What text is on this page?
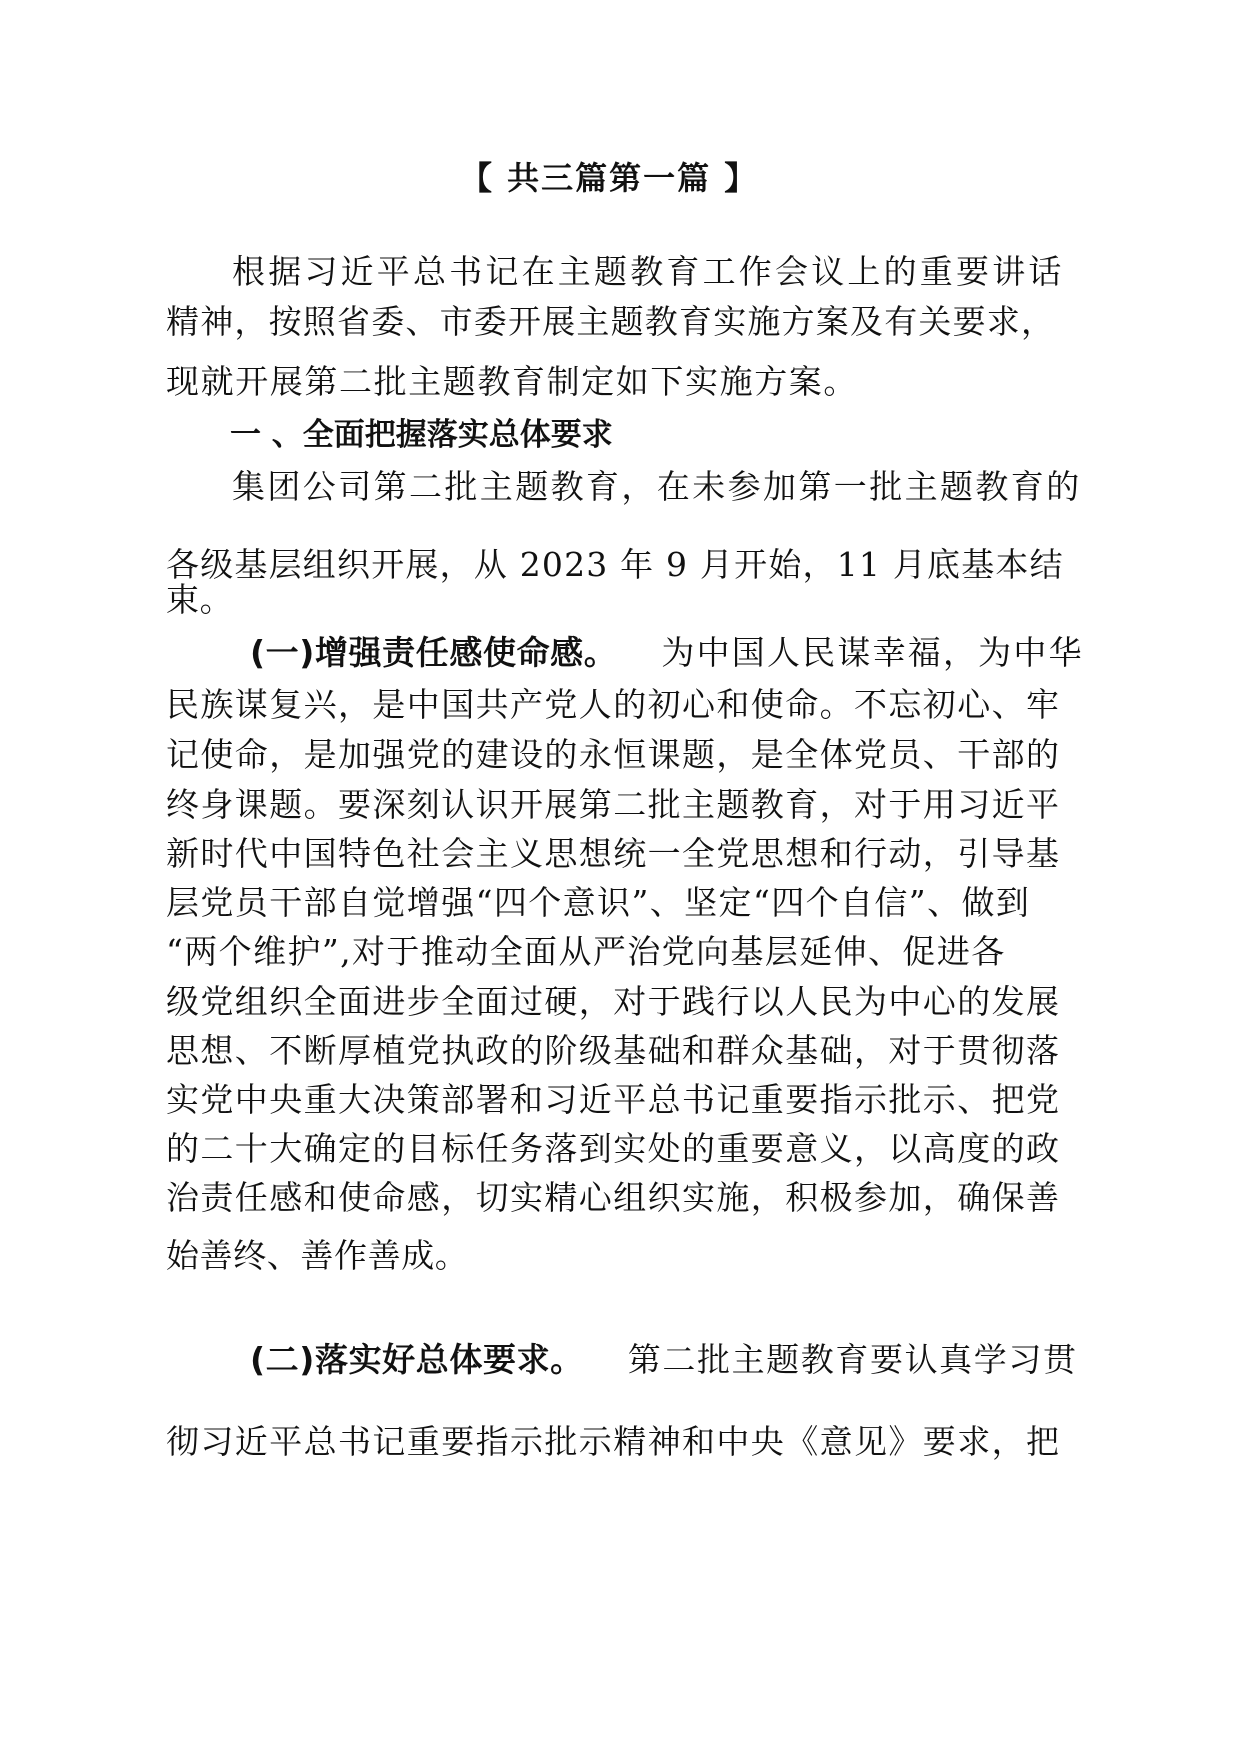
【 共三篇第一篇 】
根据习近平总书记在主题教育工作会议上的重要讲话
精神，按照省委、市委开展主题教育实施方案及有关要求，
现就开展第二批主题教育制定如下实施方案。
一 、全面把握落实总体要求
集团公司第二批主题教育，在未参加第一批主题教育的
各级基层组织开展，从 2023 年 9 月开始，11 月底基本结
束。
(一)增强责任感使命感。 为中国人民谋幸福，为中华
民族谋复兴，是中国共产党人的初心和使命。不忘初心、牢
记使命，是加强党的建设的永恒课题，是全体党员、干部的
终身课题。要深刻认识开展第二批主题教育，对于用习近平
新时代中国特色社会主义思想统一全党思想和行动，引导基
层党员干部自觉增强“四个意识”、坚定“四个自信”、做到
“两个维护”,对于推动全面从严治党向基层延伸、促进各
级党组织全面进步全面过硬，对于践行以人民为中心的发展
思想、不断厚植党执政的阶级基础和群众基础，对于贯彻落
实党中央重大决策部署和习近平总书记重要指示批示、把党
的二十大确定的目标任务落到实处的重要意义，以高度的政
治责任感和使命感，切实精心组织实施，积极参加，确保善
始善终、善作善成。
(二)落实好总体要求。 第二批主题教育要认真学习贯
彻习近平总书记重要指示批示精神和中央《意见》要求，把
